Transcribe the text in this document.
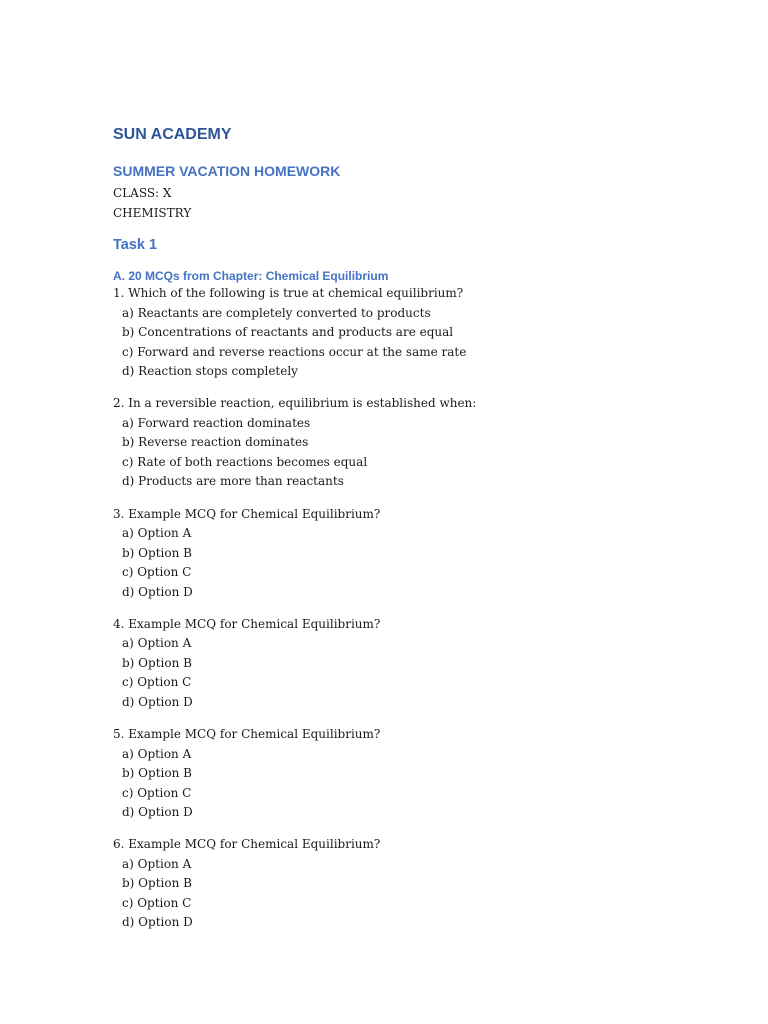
SUN ACADEMY
SUMMER VACATION HOMEWORK
CLASS: X
CHEMISTRY
Task 1
A. 20 MCQs from Chapter: Chemical Equilibrium

1. Which of the following is true at chemical equilibrium?

a) Reactants are completely converted to products

b) Concentrations of reactants and products are equal

c) Forward and reverse reactions occur at the same rate

d) Reaction stops completely

2. In a reversible reaction, equilibrium is established when:

a) Forward reaction dominates

b) Reverse reaction dominates

c) Rate of both reactions becomes equal

d) Products are more than reactants

3. Example MCQ for Chemical Equilibrium?

a) Option A

b) Option B

c) Option C

d) Option D

4. Example MCQ for Chemical Equilibrium?

a) Option A

b) Option B

c) Option C

d) Option D

5. Example MCQ for Chemical Equilibrium?

a) Option A

b) Option B

c) Option C

d) Option D

6. Example MCQ for Chemical Equilibrium?

a) Option A

b) Option B

c) Option C

d) Option D
